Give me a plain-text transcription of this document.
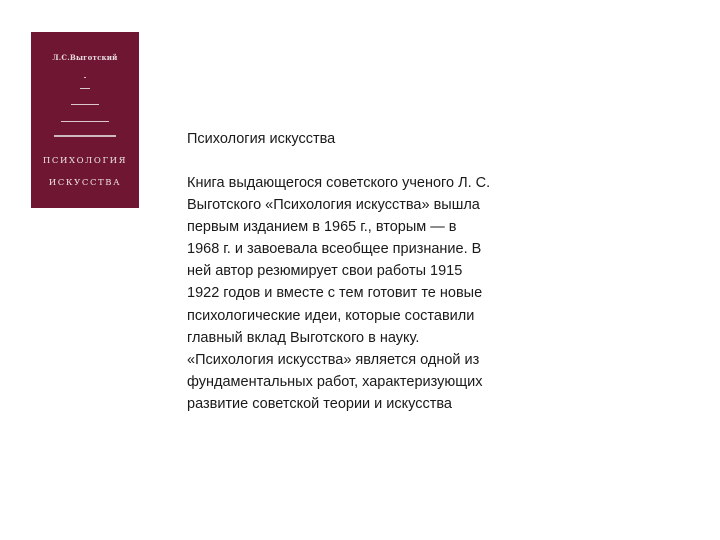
Л.С.Выготский
ПСИХОЛОГИЯ
ИСКУССТВА
Психология искусства

Книга выдающегося советского ученого Л. С.
Выготского «Психология искусства» вышла
первым изданием в 1965 г., вторым — в
1968 г. и завоевала всеобщее признание. В
ней автор резюмирует свои работы 1915
1922 годов и вместе с тем готовит те новые
психологические идеи, которые составили
главный вклад Выготского в науку.
«Психология искусства» является одной из
фундаментальных работ, характеризующих
развитие советской теории и искусства
